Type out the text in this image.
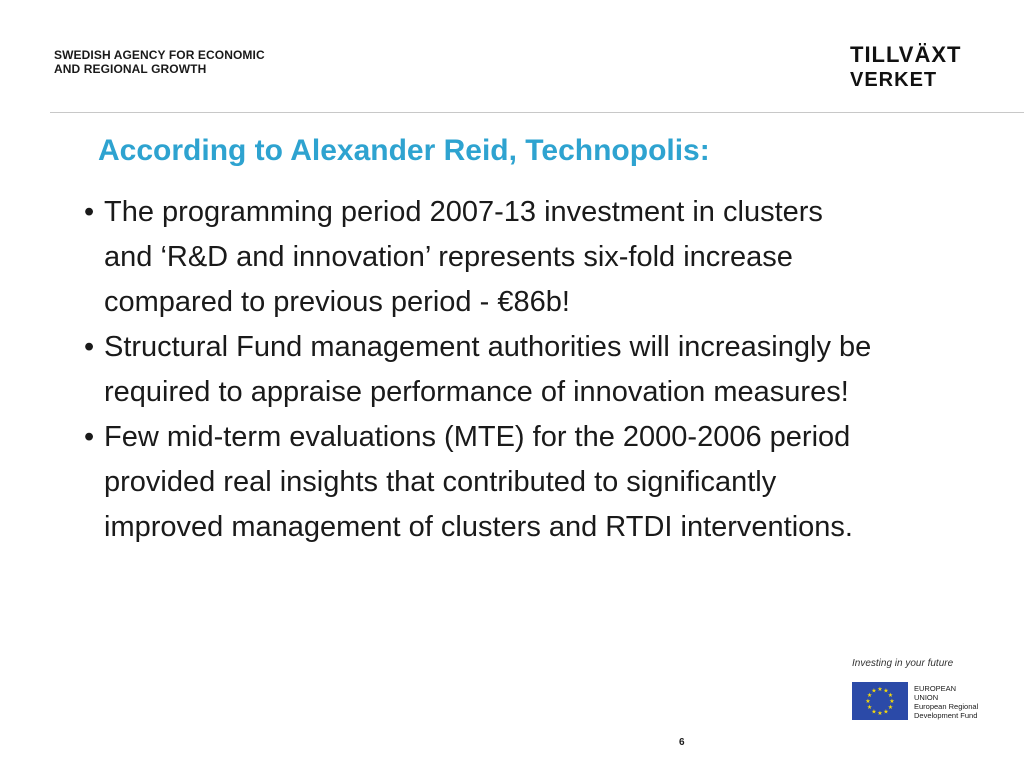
SWEDISH AGENCY FOR ECONOMIC
AND REGIONAL GROWTH
TILLVÄXT
VERKET
According to Alexander Reid, Technopolis:
• The programming period 2007-13 investment in clusters
and ‘R&D and innovation’ represents six-fold increase
compared to previous period - €86b!
• Structural Fund management authorities will increasingly be
required to appraise performance of innovation measures!
• Few mid-term evaluations (MTE) for the 2000-2006 period
provided real insights that contributed to significantly
improved management of clusters and RTDI interventions.
Investing in your future
★ ★
★
★
★
★
★
★
★
★
★
★	EUROPEAN
UNION
European Regional
Development Fund
6
